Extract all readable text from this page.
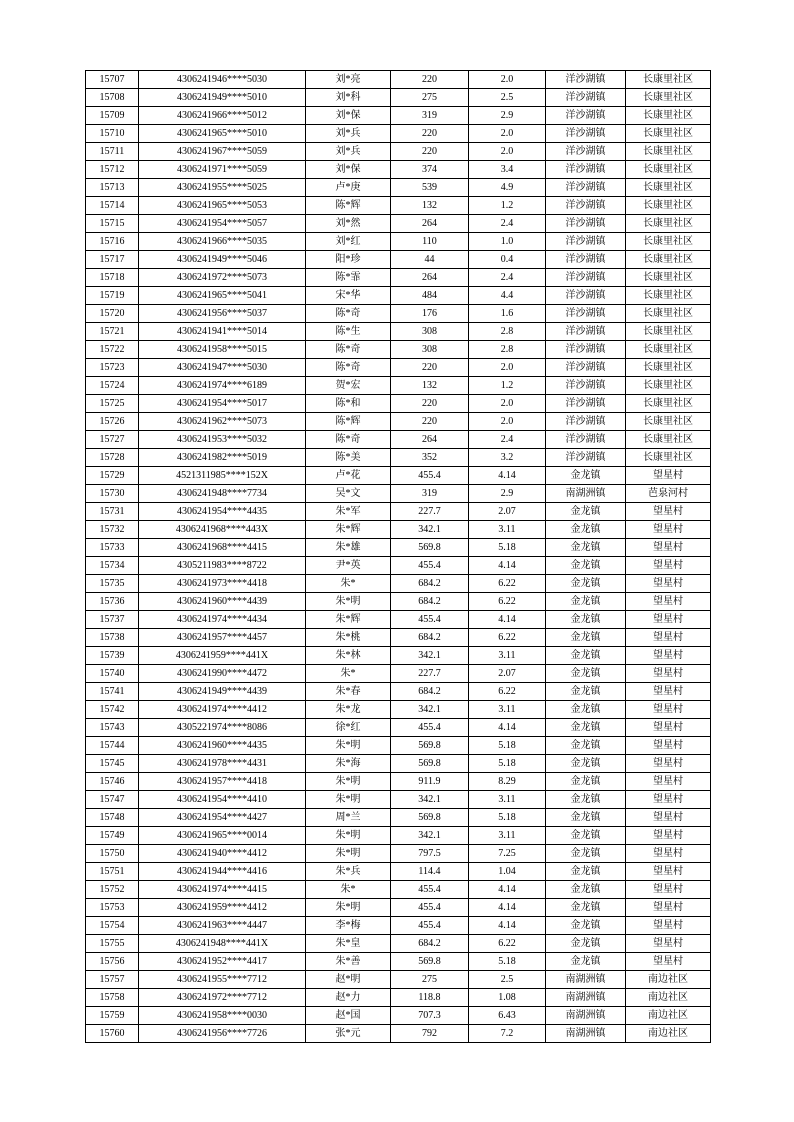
15707	4306241946****5030	刘*亮	220	2.0	洋沙湖镇	长康里社区
15708	4306241949****5010	刘*科	275	2.5	洋沙湖镇	长康里社区
15709	4306241966****5012	刘*保	319	2.9	洋沙湖镇	长康里社区
15710	4306241965****5010	刘*兵	220	2.0	洋沙湖镇	长康里社区
15711	4306241967****5059	刘*兵	220	2.0	洋沙湖镇	长康里社区
15712	4306241971****5059	刘*保	374	3.4	洋沙湖镇	长康里社区
15713	4306241955****5025	卢*庚	539	4.9	洋沙湖镇	长康里社区
15714	4306241965****5053	陈*辉	132	1.2	洋沙湖镇	长康里社区
15715	4306241954****5057	刘*然	264	2.4	洋沙湖镇	长康里社区
15716	4306241966****5035	刘*红	110	1.0	洋沙湖镇	长康里社区
15717	4306241949****5046	阳*珍	44	0.4	洋沙湖镇	长康里社区
15718	4306241972****5073	陈*霏	264	2.4	洋沙湖镇	长康里社区
15719	4306241965****5041	宋*华	484	4.4	洋沙湖镇	长康里社区
15720	4306241956****5037	陈*奇	176	1.6	洋沙湖镇	长康里社区
15721	4306241941****5014	陈*生	308	2.8	洋沙湖镇	长康里社区
15722	4306241958****5015	陈*奇	308	2.8	洋沙湖镇	长康里社区
15723	4306241947****5030	陈*奇	220	2.0	洋沙湖镇	长康里社区
15724	4306241974****6189	贺*宏	132	1.2	洋沙湖镇	长康里社区
15725	4306241954****5017	陈*和	220	2.0	洋沙湖镇	长康里社区
15726	4306241962****5073	陈*辉	220	2.0	洋沙湖镇	长康里社区
15727	4306241953****5032	陈*奇	264	2.4	洋沙湖镇	长康里社区
15728	4306241982****5019	陈*美	352	3.2	洋沙湖镇	长康里社区
15729	4521311985****152X	卢*花	455.4	4.14	金龙镇	望星村
15730	4306241948****7734	吴*文	319	2.9	南湖洲镇	芭泉河村
15731	4306241954****4435	朱*军	227.7	2.07	金龙镇	望星村
15732	4306241968****443X	朱*辉	342.1	3.11	金龙镇	望星村
15733	4306241968****4415	朱*雄	569.8	5.18	金龙镇	望星村
15734	4305211983****8722	尹*英	455.4	4.14	金龙镇	望星村
15735	4306241973****4418	朱*	684.2	6.22	金龙镇	望星村
15736	4306241960****4439	朱*明	684.2	6.22	金龙镇	望星村
15737	4306241974****4434	朱*辉	455.4	4.14	金龙镇	望星村
15738	4306241957****4457	朱*桃	684.2	6.22	金龙镇	望星村
15739	4306241959****441X	朱*林	342.1	3.11	金龙镇	望星村
15740	4306241990****4472	朱*	227.7	2.07	金龙镇	望星村
15741	4306241949****4439	朱*春	684.2	6.22	金龙镇	望星村
15742	4306241974****4412	朱*龙	342.1	3.11	金龙镇	望星村
15743	4305221974****8086	徐*红	455.4	4.14	金龙镇	望星村
15744	4306241960****4435	朱*明	569.8	5.18	金龙镇	望星村
15745	4306241978****4431	朱*海	569.8	5.18	金龙镇	望星村
15746	4306241957****4418	朱*明	911.9	8.29	金龙镇	望星村
15747	4306241954****4410	朱*明	342.1	3.11	金龙镇	望星村
15748	4306241954****4427	周*兰	569.8	5.18	金龙镇	望星村
15749	4306241965****0014	朱*明	342.1	3.11	金龙镇	望星村
15750	4306241940****4412	朱*明	797.5	7.25	金龙镇	望星村
15751	4306241944****4416	朱*兵	114.4	1.04	金龙镇	望星村
15752	4306241974****4415	朱*	455.4	4.14	金龙镇	望星村
15753	4306241959****4412	朱*明	455.4	4.14	金龙镇	望星村
15754	4306241963****4447	李*梅	455.4	4.14	金龙镇	望星村
15755	4306241948****441X	朱*皇	684.2	6.22	金龙镇	望星村
15756	4306241952****4417	朱*善	569.8	5.18	金龙镇	望星村
15757	4306241955****7712	赵*明	275	2.5	南湖洲镇	南边社区
15758	4306241972****7712	赵*力	118.8	1.08	南湖洲镇	南边社区
15759	4306241958****0030	赵*国	707.3	6.43	南湖洲镇	南边社区
15760	4306241956****7726	张*元	792	7.2	南湖洲镇	南边社区
